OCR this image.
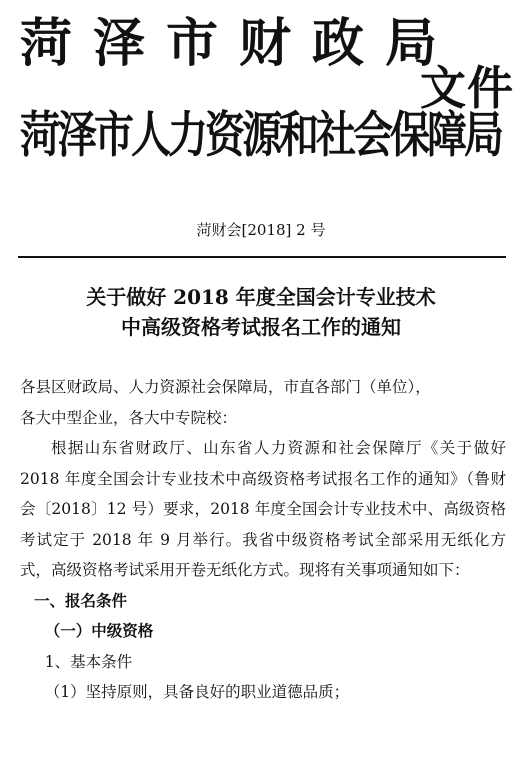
菏泽市财政局
菏泽市人力资源和社会保障局
文件
菏财会[2018] 2 号
关于做好 2018 年度全国会计专业技术
中高级资格考试报名工作的通知

各县区财政局、人力资源社会保障局，市直各部门（单位），

各大中型企业，各大中专院校：

根据山东省财政厅、山东省人力资源和社会保障厅《关于做好 2018 年度全国会计专业技术中高级资格考试报名工作的通知》（鲁财会〔2018〕12 号）要求，2018 年度全国会计专业技术中、高级资格考试定于 2018 年 9 月举行。我省中级资格考试全部采用无纸化方式，高级资格考试采用开卷无纸化方式。现将有关事项通知如下：

一、报名条件

（一）中级资格

1、基本条件

（1）坚持原则，具备良好的职业道德品质；
